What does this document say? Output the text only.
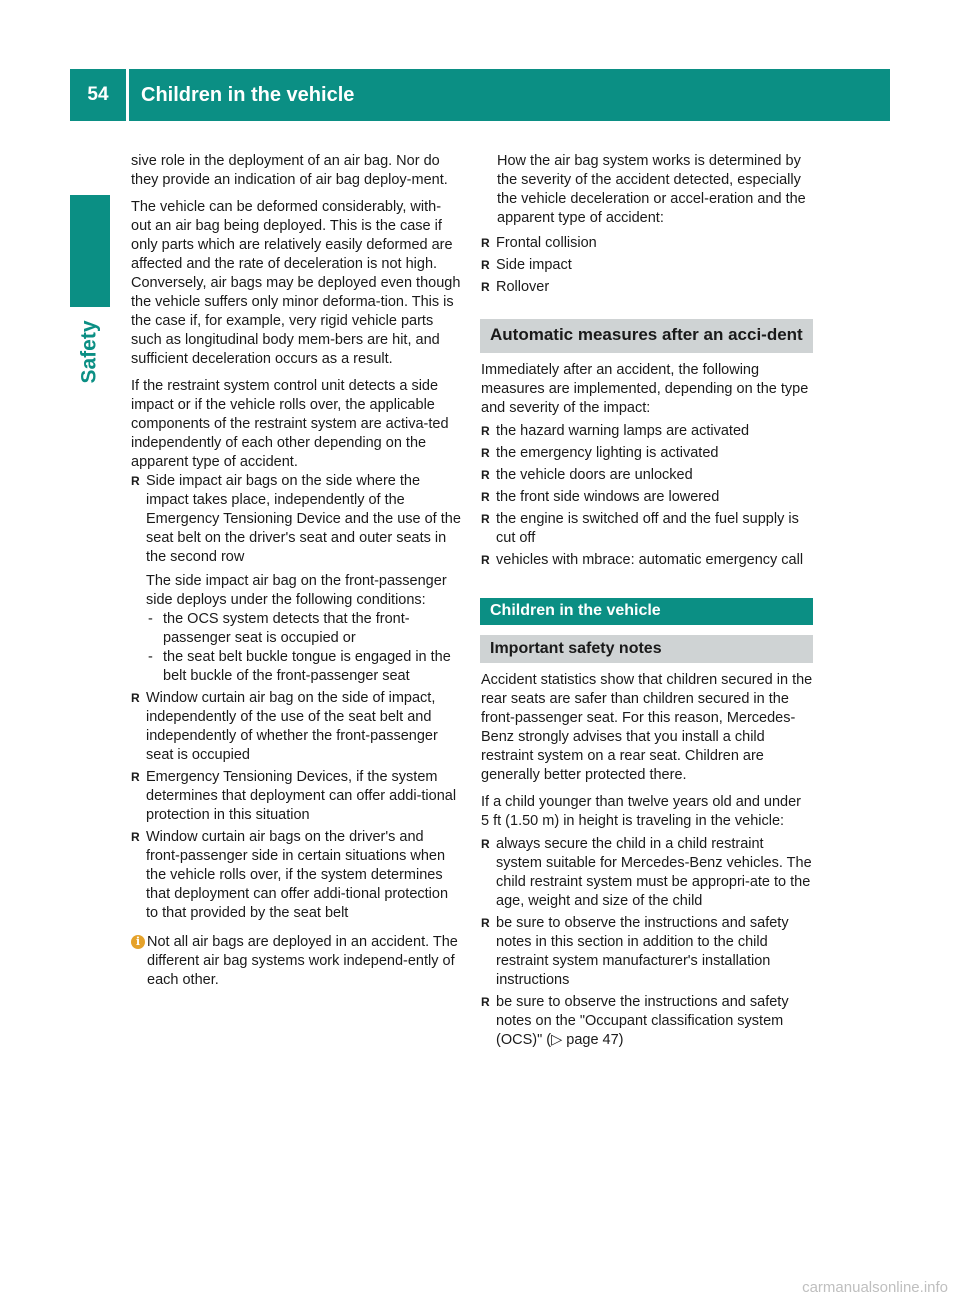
54	Children in the vehicle
Safety

sive role in the deployment of an air bag. Nor do they provide an indication of air bag deploy-ment.

The vehicle can be deformed considerably, with-out an air bag being deployed. This is the case if only parts which are relatively easily deformed are affected and the rate of deceleration is not high. Conversely, air bags may be deployed even though the vehicle suffers only minor deforma-tion. This is the case if, for example, very rigid vehicle parts such as longitudinal body mem-bers are hit, and sufficient deceleration occurs as a result.

If the restraint system control unit detects a side impact or if the vehicle rolls over, the applicable components of the restraint system are activa-ted independently of each other depending on the apparent type of accident.

R Side impact air bags on the side where the impact takes place, independently of the Emergency Tensioning Device and the use of the seat belt on the driver's seat and outer seats in the second row
The side impact air bag on the front-passenger side deploys under the following conditions:
- the OCS system detects that the front-passenger seat is occupied or
- the seat belt buckle tongue is engaged in the belt buckle of the front-passenger seat
R Window curtain air bag on the side of impact, independently of the use of the seat belt and independently of whether the front-passenger seat is occupied
R Emergency Tensioning Devices, if the system determines that deployment can offer addi-tional protection in this situation
R Window curtain air bags on the driver's and front-passenger side in certain situations when the vehicle rolls over, if the system determines that deployment can offer addi-tional protection to that provided by the seat belt
i Not all air bags are deployed in an accident. The different air bag systems work independ-ently of each other.
How the air bag system works is determined by the severity of the accident detected, especially the vehicle deceleration or accel-eration and the apparent type of accident:
R Frontal collision
R Side impact
R Rollover
Automatic measures after an acci-dent

Immediately after an accident, the following measures are implemented, depending on the type and severity of the impact:

R the hazard warning lamps are activated
R the emergency lighting is activated
R the vehicle doors are unlocked
R the front side windows are lowered
R the engine is switched off and the fuel supply is cut off
R vehicles with mbrace: automatic emergency call
Children in the vehicle
Important safety notes

Accident statistics show that children secured in the rear seats are safer than children secured in the front-passenger seat. For this reason, Mercedes-Benz strongly advises that you install a child restraint system on a rear seat. Children are generally better protected there.

If a child younger than twelve years old and under 5 ft (1.50 m) in height is traveling in the vehicle:

R always secure the child in a child restraint system suitable for Mercedes-Benz vehicles. The child restraint system must be appropri-ate to the age, weight and size of the child
R be sure to observe the instructions and safety notes in this section in addition to the child restraint system manufacturer's installation instructions
R be sure to observe the instructions and safety notes on the "Occupant classification system (OCS)" (▷ page 47)
carmanualsonline.info
